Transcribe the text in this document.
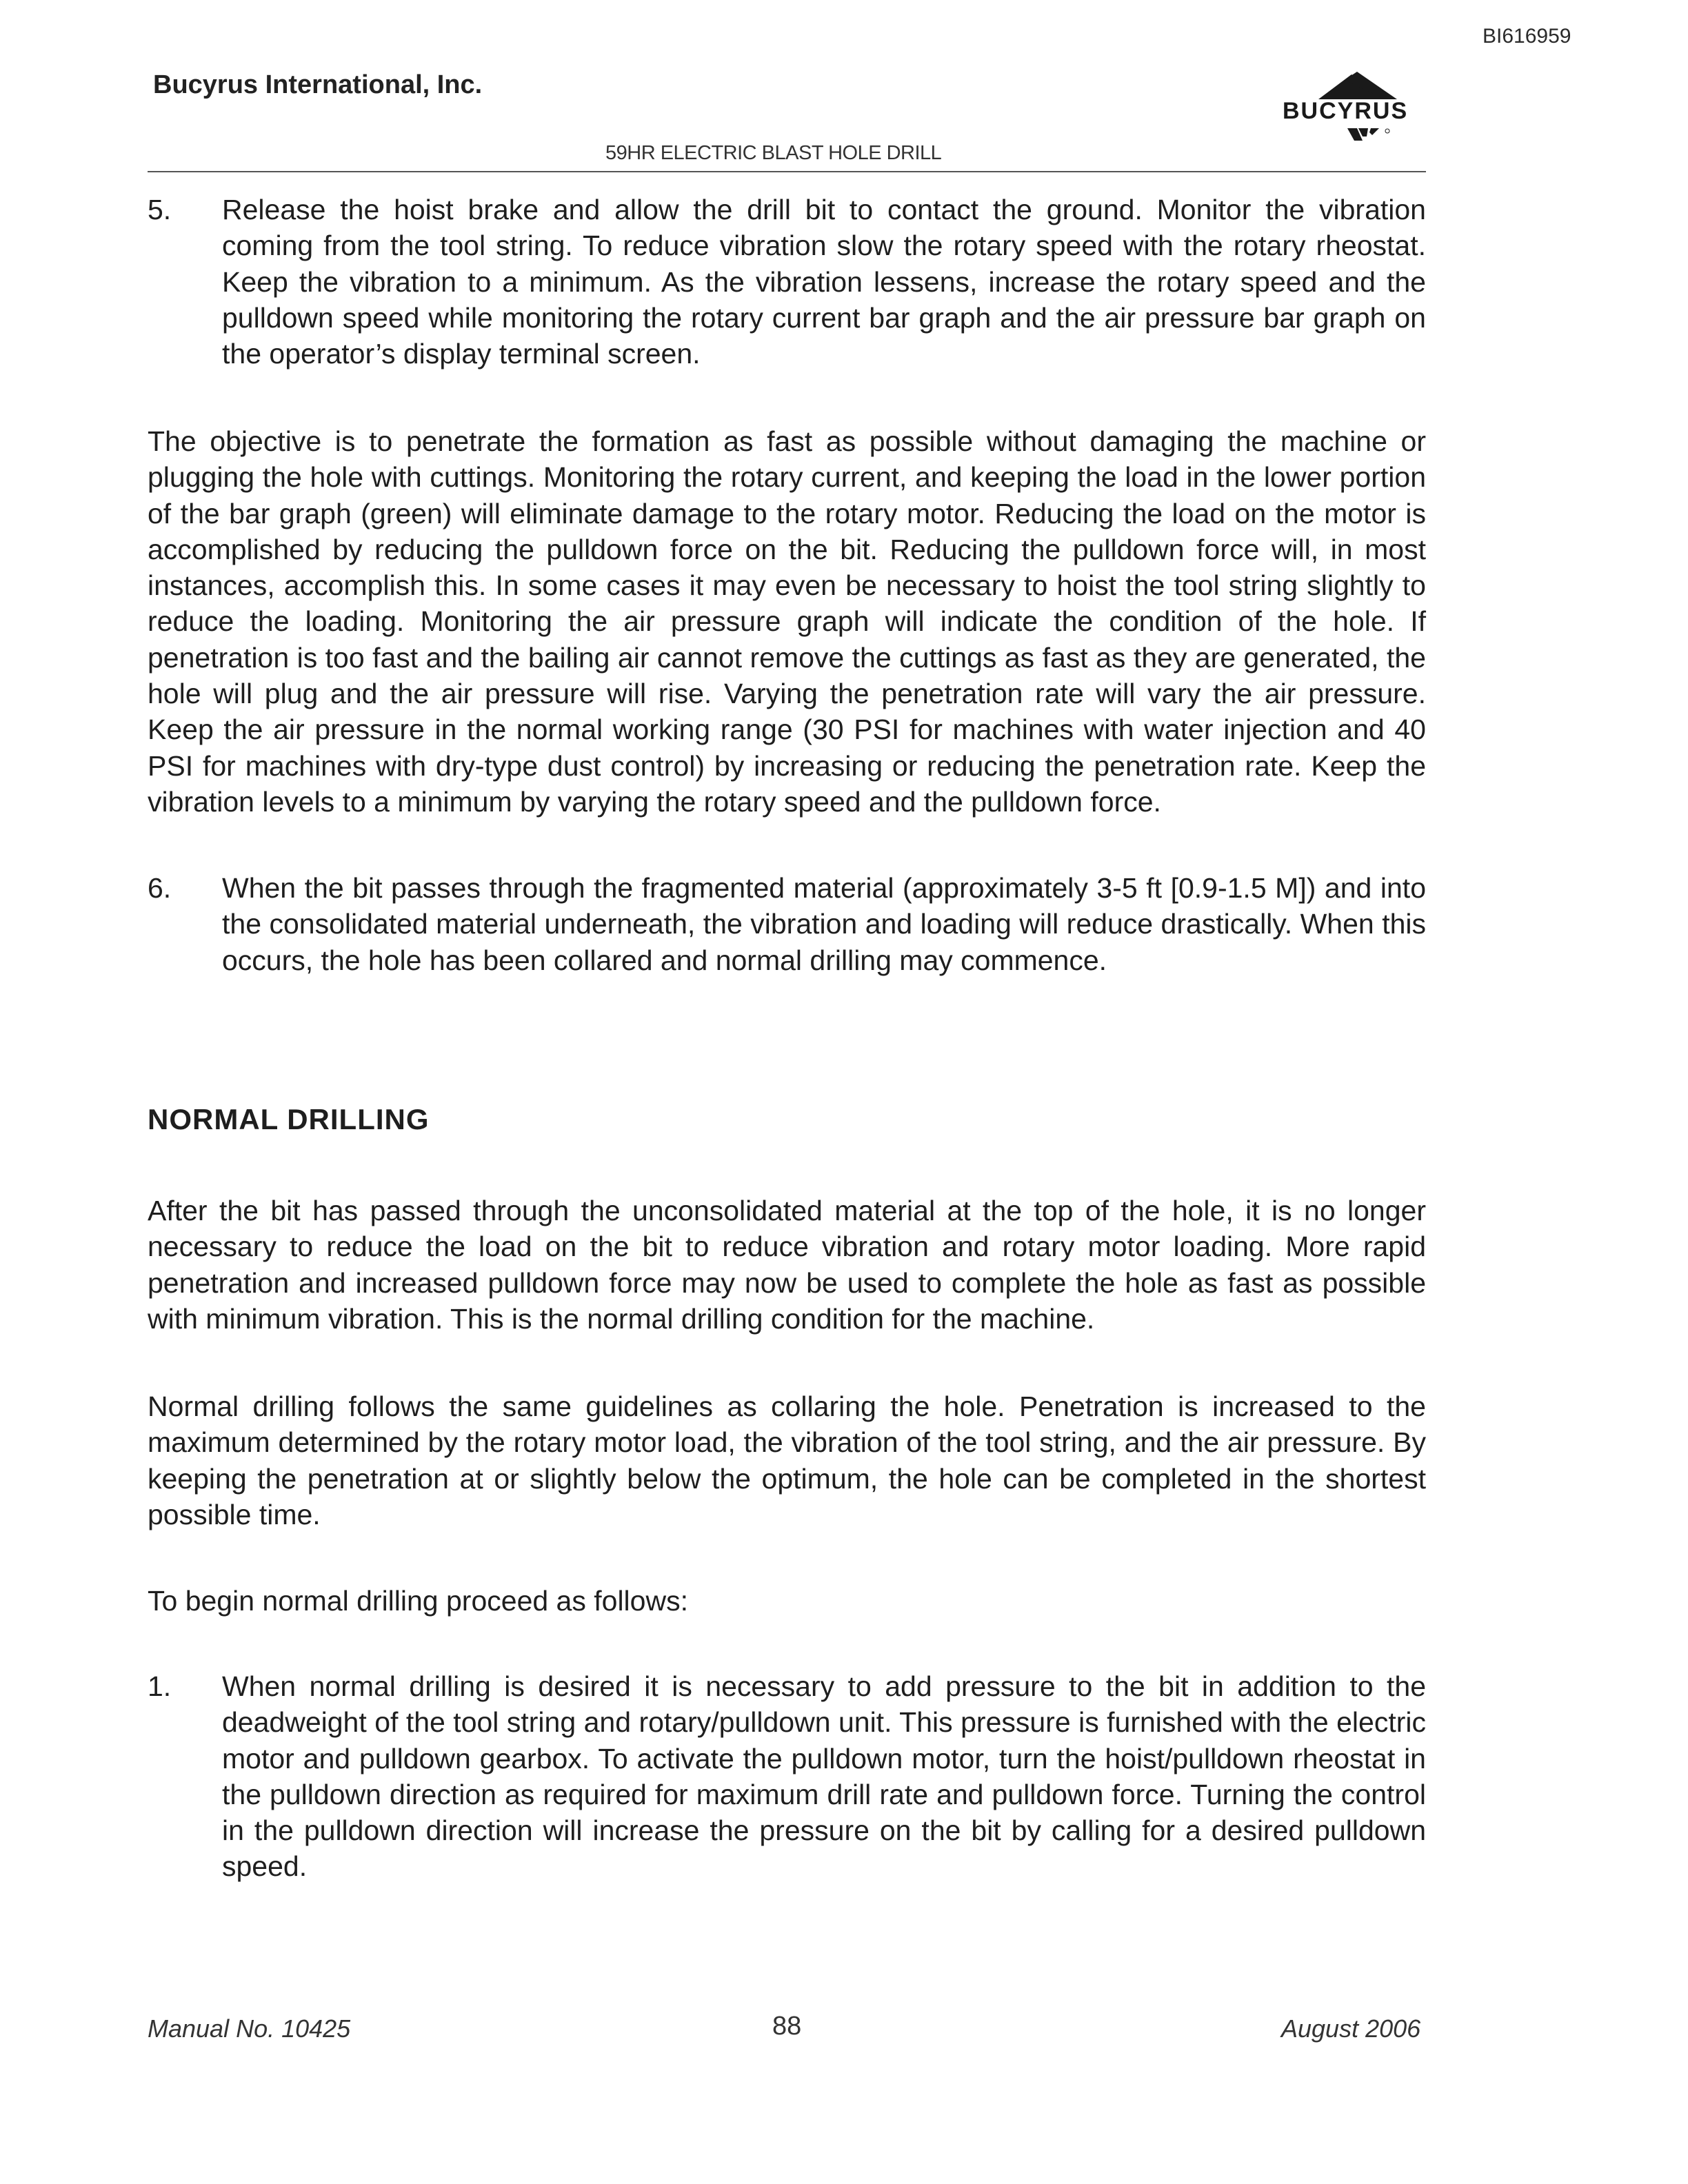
BI616959
Bucyrus International, Inc.
BUCYRUS
59HR ELECTRIC BLAST HOLE DRILL
5. Release the hoist brake and allow the drill bit to contact the ground. Monitor the vibration coming from the tool string. To reduce vibration slow the rotary speed with the rotary rheostat. Keep the vibration to a minimum. As the vibration lessens, increase the rotary speed and the pulldown speed while monitoring the rotary current bar graph and the air pressure bar graph on the operator’s display terminal screen.

The objective is to penetrate the formation as fast as possible without damaging the machine or plugging the hole with cuttings. Monitoring the rotary current, and keeping the load in the lower portion of the bar graph (green) will eliminate damage to the rotary motor. Reducing the load on the motor is accomplished by reducing the pulldown force on the bit. Reducing the pulldown force will, in most instances, accomplish this. In some cases it may even be necessary to hoist the tool string slightly to reduce the loading. Monitoring the air pressure graph will indicate the condition of the hole. If penetration is too fast and the bailing air cannot remove the cuttings as fast as they are generated, the hole will plug and the air pressure will rise. Varying the penetration rate will vary the air pressure. Keep the air pressure in the normal working range (30 PSI for machines with water injection and 40 PSI for machines with dry-type dust control) by increasing or reducing the penetration rate. Keep the vibration levels to a minimum by varying the rotary speed and the pulldown force.

6. When the bit passes through the fragmented material (approximately 3-5 ft [0.9-1.5 M]) and into the consolidated material underneath, the vibration and loading will reduce drastically. When this occurs, the hole has been collared and normal drilling may commence.

NORMAL DRILLING

After the bit has passed through the unconsolidated material at the top of the hole, it is no longer necessary to reduce the load on the bit to reduce vibration and rotary motor loading. More rapid penetration and increased pulldown force may now be used to complete the hole as fast as possible with minimum vibration. This is the normal drilling condition for the machine.

Normal drilling follows the same guidelines as collaring the hole. Penetration is increased to the maximum determined by the rotary motor load, the vibration of the tool string, and the air pressure. By keeping the penetration at or slightly below the optimum, the hole can be completed in the shortest possible time.

To begin normal drilling proceed as follows:

1. When normal drilling is desired it is necessary to add pressure to the bit in addition to the deadweight of the tool string and rotary/pulldown unit. This pressure is furnished with the electric motor and pulldown gearbox. To activate the pulldown motor, turn the hoist/pulldown rheostat in the pulldown direction as required for maximum drill rate and pulldown force. Turning the control in the pulldown direction will increase the pressure on the bit by calling for a desired pulldown speed.

Manual No. 10425	88	August 2006
